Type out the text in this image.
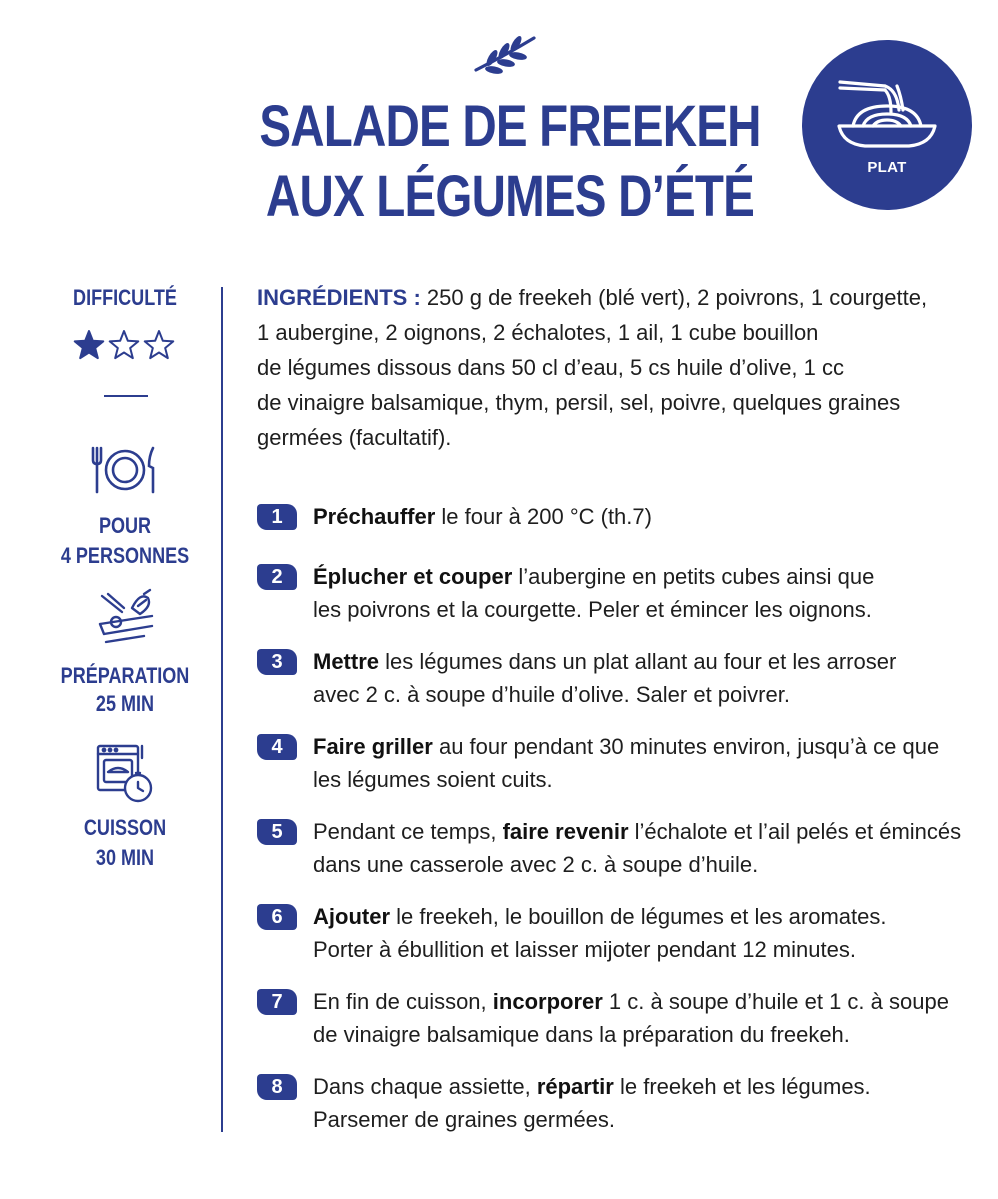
SALADE DE FREEKEH
AUX LÉGUMES D’ÉTÉ	PLAT
DIFFICULTÉ
POUR
4 PERSONNES
PRÉPARATION
25 MIN
CUISSON
30 MIN
INGRÉDIENTS : 250 g de freekeh (blé vert), 2 poivrons, 1 courgette,
1 aubergine, 2 oignons, 2 échalotes, 1 ail, 1 cube bouillon
de légumes dissous dans 50 cl d’eau, 5 cs huile d’olive, 1 cc
de vinaigre balsamique, thym, persil, sel, poivre, quelques graines
germées (facultatif).
1	Préchauffer le four à 200 °C (th.7)

2	Éplucher et couper l’aubergine en petits cubes ainsi que
les poivrons et la courgette. Peler et émincer les oignons.
3	Mettre les légumes dans un plat allant au four et les arroser
avec 2 c. à soupe d’huile d’olive. Saler et poivrer.
4	Faire griller au four pendant 30 minutes environ, jusqu’à ce que
les légumes soient cuits.
5	Pendant ce temps, faire revenir l’échalote et l’ail pelés et émincés
dans une casserole avec 2 c. à soupe d’huile.
6	Ajouter le freekeh, le bouillon de légumes et les aromates.
Porter à ébullition et laisser mijoter pendant 12 minutes.
7	En fin de cuisson, incorporer 1 c. à soupe d’huile et 1 c. à soupe
de vinaigre balsamique dans la préparation du freekeh.
8	Dans chaque assiette, répartir le freekeh et les légumes.
Parsemer de graines germées.
